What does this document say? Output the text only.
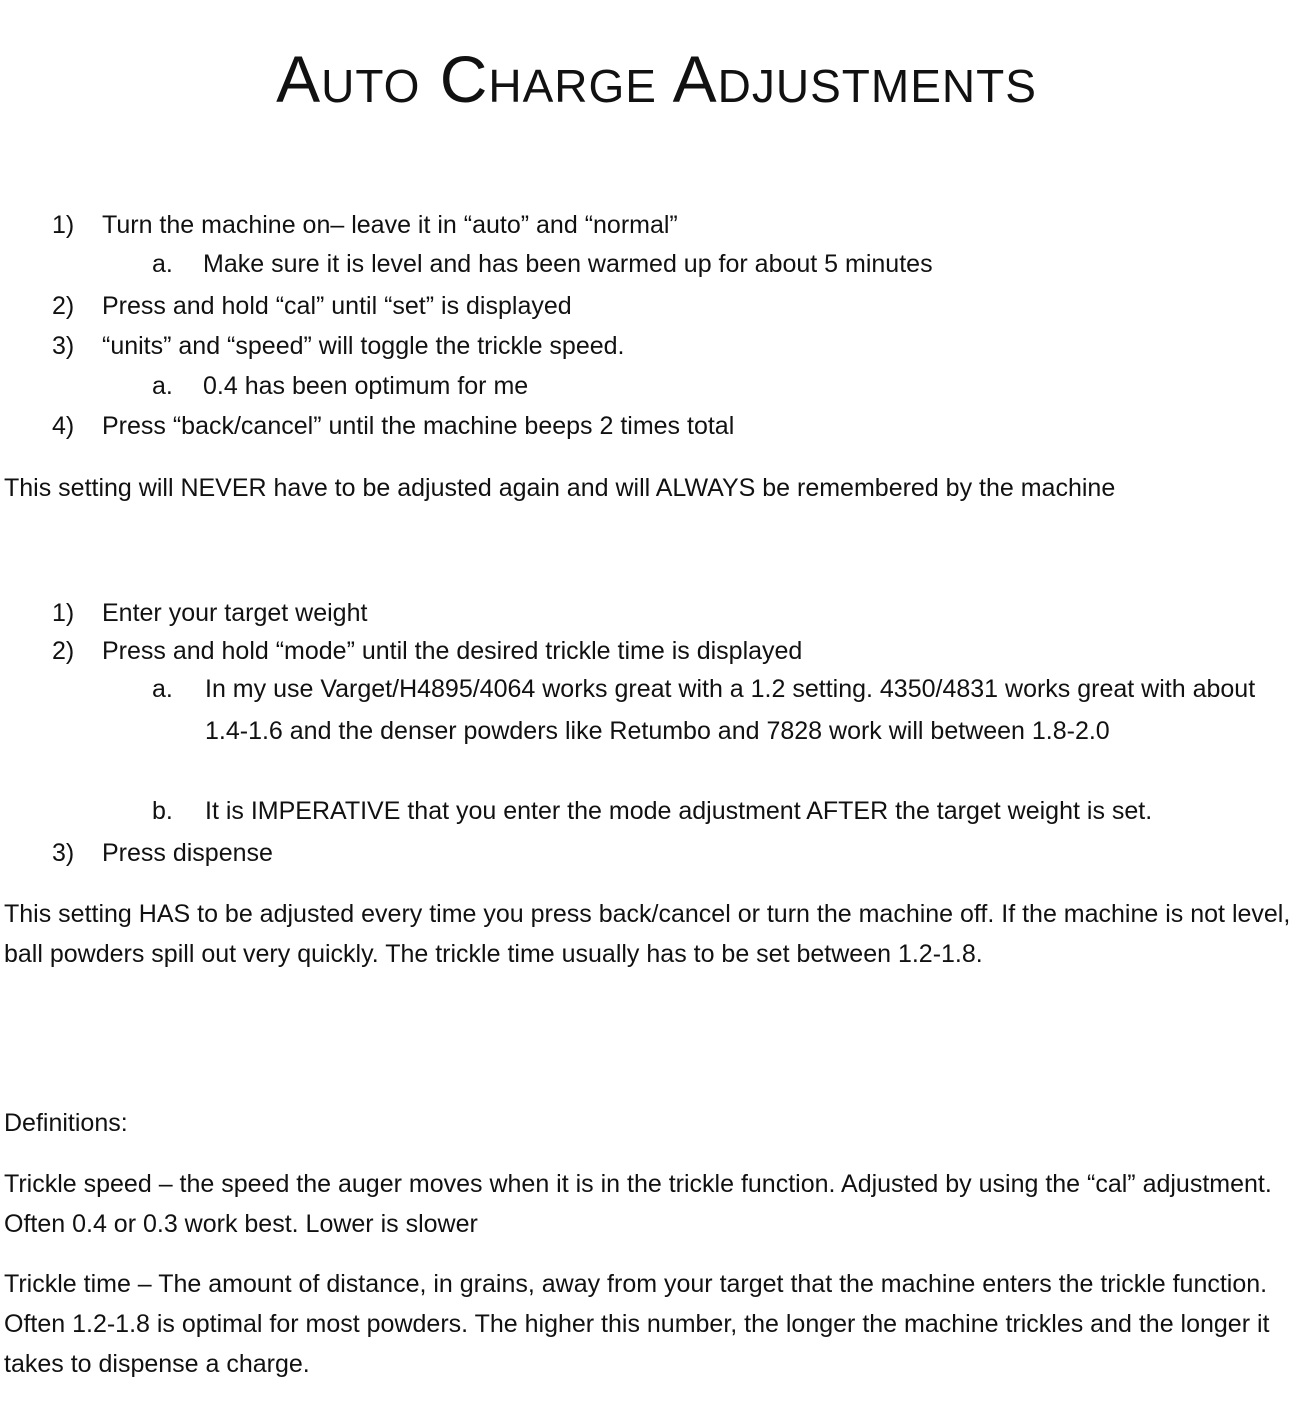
Auto Charge Adjustments
1) Turn the machine on– leave it in “auto” and “normal”
a. Make sure it is level and has been warmed up for about 5 minutes
2) Press and hold “cal” until “set” is displayed
3) “units” and “speed” will toggle the trickle speed.
a. 0.4 has been optimum for me
4) Press “back/cancel” until the machine beeps 2 times total

This setting will NEVER have to be adjusted again and will ALWAYS be remembered by the machine

1) Enter your target weight
2) Press and hold “mode” until the desired trickle time is displayed
a. In my use Varget/H4895/4064 works great with a 1.2 setting. 4350/4831 works great with about 1.4-1.6 and the denser powders like Retumbo and 7828 work will between 1.8-2.0

b. It is IMPERATIVE that you enter the mode adjustment AFTER the target weight is set.
3) Press dispense

This setting HAS to be adjusted every time you press back/cancel or turn the machine off. If the machine is not level, ball powders spill out very quickly. The trickle time usually has to be set between 1.2-1.8.

Definitions:

Trickle speed – the speed the auger moves when it is in the trickle function. Adjusted by using the “cal” adjustment. Often 0.4 or 0.3 work best. Lower is slower

Trickle time – The amount of distance, in grains, away from your target that the machine enters the trickle function. Often 1.2-1.8 is optimal for most powders. The higher this number, the longer the machine trickles and the longer it takes to dispense a charge.
